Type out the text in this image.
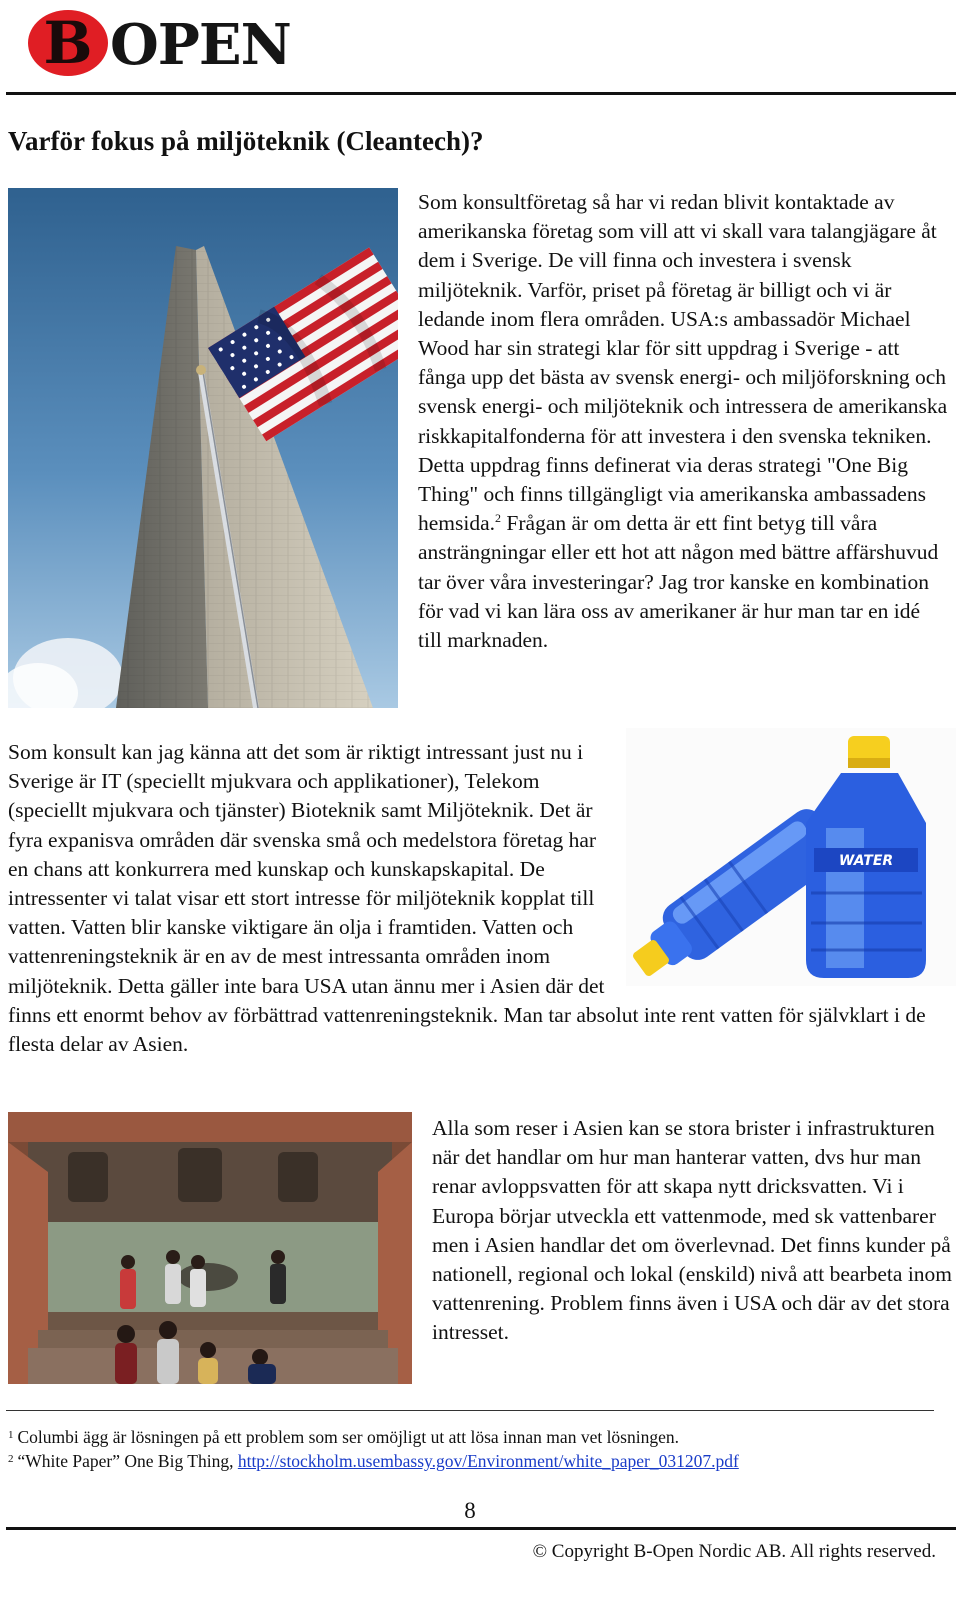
B OPEN
Varför fokus på miljöteknik (Cleantech)?

Som konsultföretag så har vi redan blivit kontaktade av amerikanska företag som vill att vi skall vara talangjägare åt dem i Sverige. De vill finna och investera i svensk miljöteknik. Varför, priset på företag är billigt och vi är ledande inom flera områden. USA:s ambassadör Michael Wood har sin strategi klar för sitt uppdrag i Sverige - att fånga upp det bästa av svensk energi- och miljöforskning och svensk energi- och miljöteknik och intressera de amerikanska riskkapitalfonderna för att investera i den svenska tekniken. Detta uppdrag finns definerat via deras strategi "One Big Thing" och finns tillgängligt via amerikanska ambassadens hemsida.$^2$ Frågan är om detta är ett fint betyg till våra ansträngningar eller ett hot att någon med bättre affärshuvud tar över våra investeringar? Jag tror kanske en kombination för vad vi kan lära oss av amerikaner är hur man tar en idé till marknaden.

WATER

Som konsult kan jag känna att det som är riktigt intressant just nu i Sverige är IT (speciellt mjukvara och applikationer), Telekom (speciellt mjukvara och tjänster) Bioteknik samt Miljöteknik. Det är fyra expanisva områden där svenska små och medelstora företag har en chans att konkurrera med kunskap och kunskapskapital. De intressenter vi talat visar ett stort intresse för miljöteknik kopplat till vatten. Vatten blir kanske viktigare än olja i framtiden. Vatten och vattenreningsteknik är en av de mest intressanta områden inom miljöteknik. Detta gäller inte bara USA utan ännu mer i Asien där det finns ett enormt behov av förbättrad vattenreningsteknik. Man tar absolut inte rent vatten för självklart i de flesta delar av Asien.

Alla som reser i Asien kan se stora brister i infrastrukturen när det handlar om hur man hanterar vatten, dvs hur man renar avloppsvatten för att skapa nytt dricksvatten. Vi i Europa börjar utveckla ett vattenmode, med sk vattenbarer men i Asien handlar det om överlevnad. Det finns kunder på nationell, regional och lokal (enskild) nivå att bearbeta inom vattenrening. Problem finns även i USA och där av det stora intresset.

$^1$ Columbi ägg är lösningen på ett problem som ser omöjligt ut att lösa innan man vet lösningen.

$^2$ “White Paper” One Big Thing, http://stockholm.usembassy.gov/Environment/white_paper_031207.pdf

8
© Copyright B-Open Nordic AB. All rights reserved.
